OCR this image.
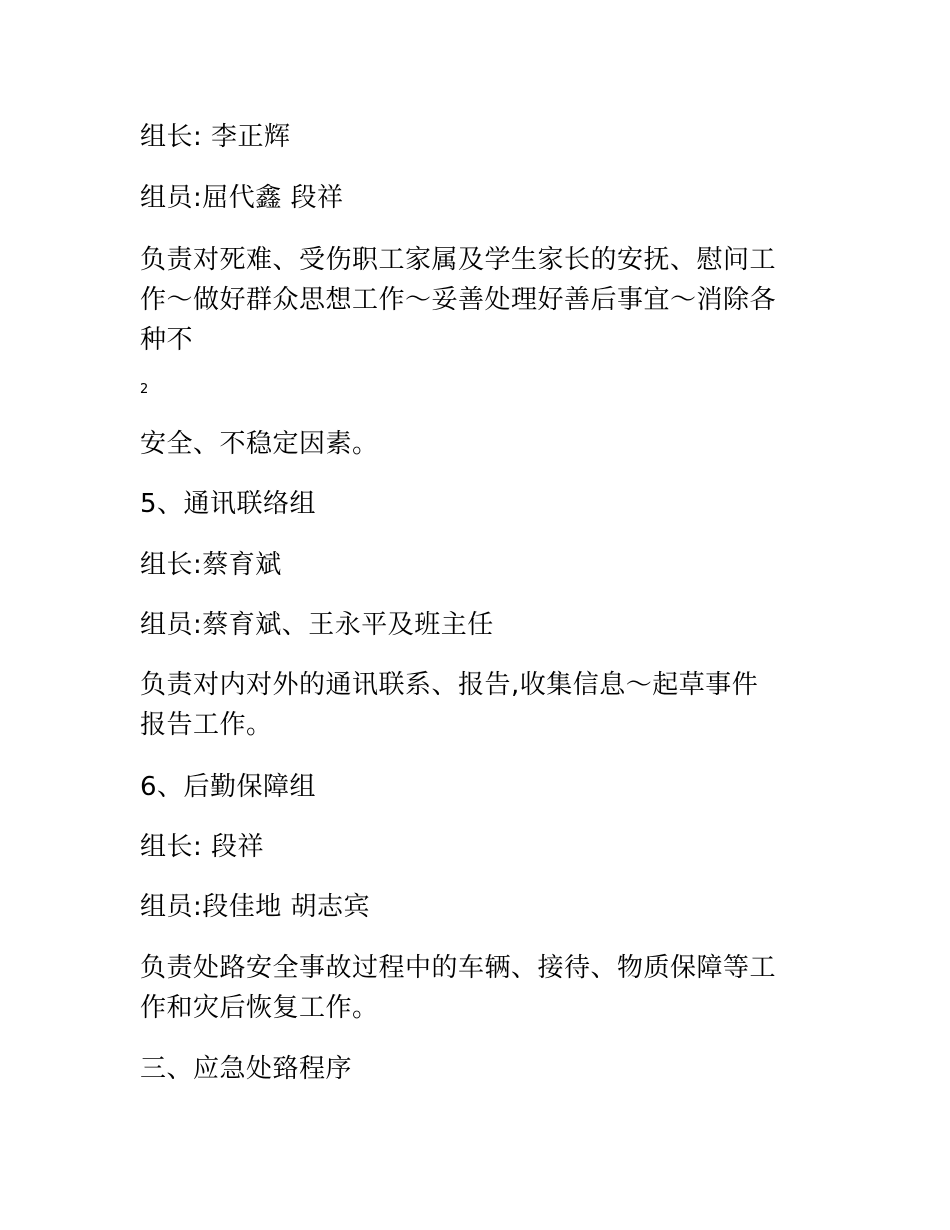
组长: 李正辉
组员:屈代鑫 段祥
负责对死难、受伤职工家属及学生家长的安抚、慰问工
作～做好群众思想工作～妥善处理好善后事宜～消除各
种不
2
安全、不稳定因素。
5、通讯联络组
组长:蔡育斌
组员:蔡育斌、王永平及班主任
负责对内对外的通讯联系、报告,收集信息～起草事件
报告工作。
6、后勤保障组
组长: 段祥
组员:段佳地 胡志宾
负责处路安全事故过程中的车辆、接待、物质保障等工
作和灾后恢复工作。
三、应急处臵程序
